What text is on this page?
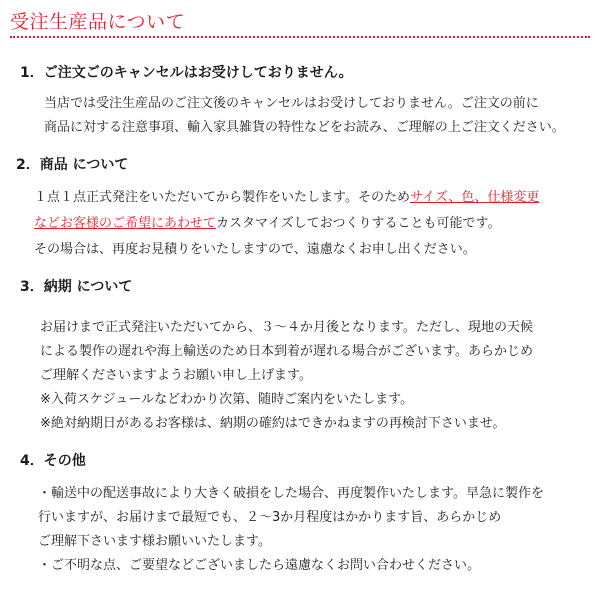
受注生産品について
1．ご注文ごのキャンセルはお受けしておりません。
当店では受注生産品のご注文後のキャンセルはお受けしておりません。ご注文の前に
商品に対する注意事項、輸入家具雑貨の特性などをお読み、ご理解の上ご注文ください。
2．商品 について
１点１点正式発注をいただいてから製作をいたします。そのためサイズ、色、仕様変更
などお客様のご希望にあわせてカスタマイズしておつくりすることも可能です。
その場合は、再度お見積りをいたしますので、遠慮なくお申し出ください。
3．納期 について
お届けまで正式発注いただいてから、３～４か月後となります。ただし、現地の天候
による製作の遅れや海上輸送のため日本到着が遅れる場合がございます。あらかじめ
ご理解くださいますようお願い申し上げます。
※入荷スケジュールなどわかり次第、随時ご案内をいたします。
※絶対納期日があるお客様は、納期の確約はできかねますの再検討下さいませ。
4．その他
・輸送中の配送事故により大きく破損をした場合、再度製作いたします。早急に製作を
行いますが、お届けまで最短でも、２～3か月程度はかかります旨、あらかじめ
ご理解下さいます様お願いいたします。
・ご不明な点、ご要望などございましたら遠慮なくお問い合わせください。
